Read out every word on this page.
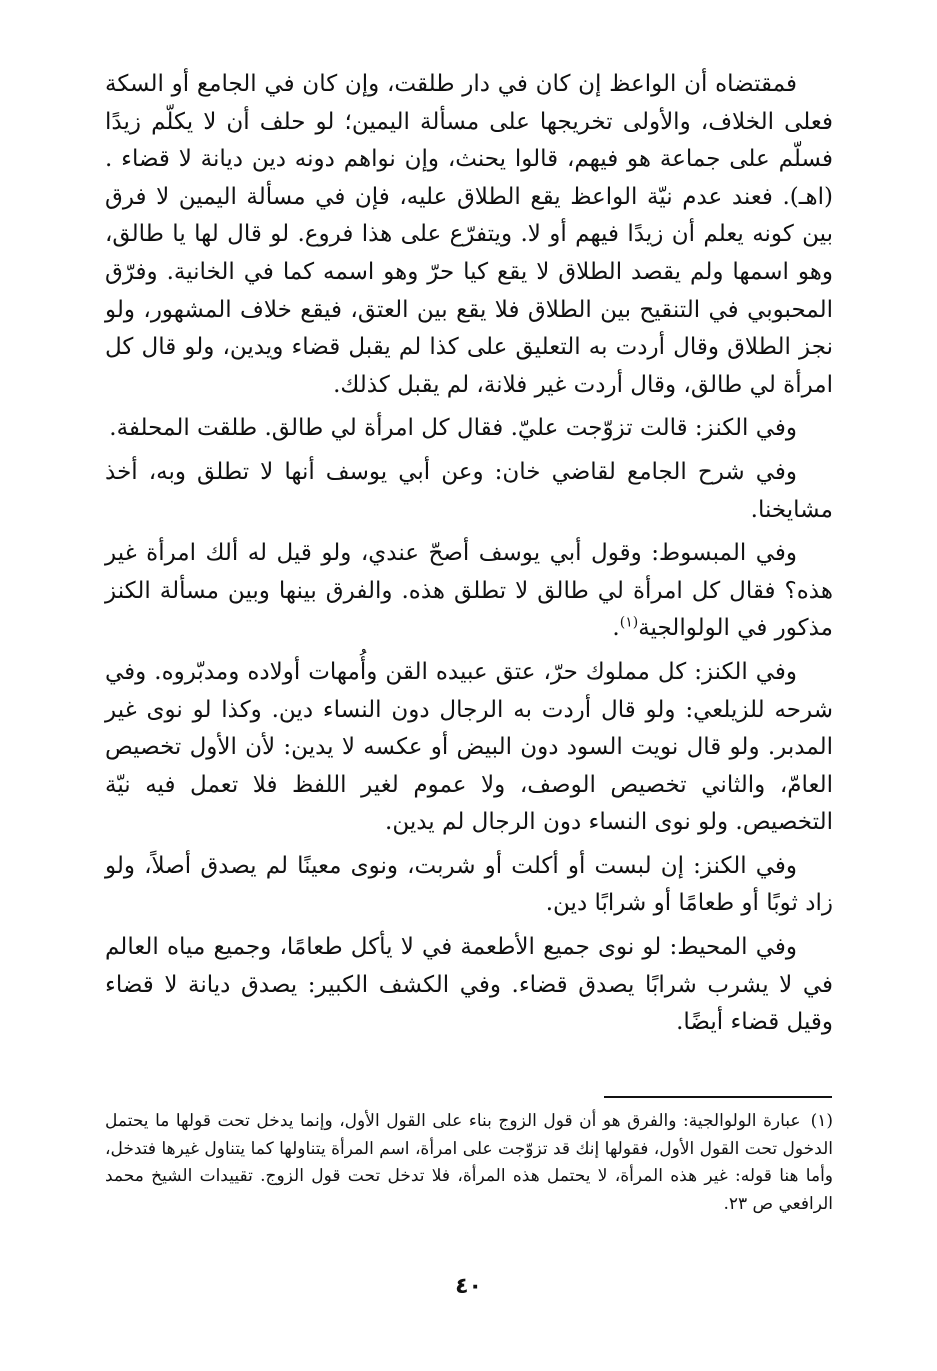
فمقتضاه أن الواعظ إن كان في دار طلقت، وإن كان في الجامع أو السكة فعلى الخلاف، والأولى تخريجها على مسألة اليمين؛ لو حلف أن لا يكلّم زيدًا فسلّم على جماعة هو فيهم، قالوا يحنث، وإن نواهم دونه دين ديانة لا قضاء .(اهـ). فعند عدم نيّة الواعظ يقع الطلاق عليه، فإن في مسألة اليمين لا فرق بين كونه يعلم أن زيدًا فيهم أو لا. ويتفرّع على هذا فروع. لو قال لها يا طالق، وهو اسمها ولم يقصد الطلاق لا يقع كيا حرّ وهو اسمه كما في الخانية. وفرّق المحبوبي في التنقيح بين الطلاق فلا يقع بين العتق، فيقع خلاف المشهور، ولو نجز الطلاق وقال أردت به التعليق على كذا لم يقبل قضاء ويدين، ولو قال كل امرأة لي طالق، وقال أردت غير فلانة، لم يقبل كذلك.

وفي الكنز: قالت تزوّجت عليّ. فقال كل امرأة لي طالق. طلقت المحلفة.

وفي شرح الجامع لقاضي خان: وعن أبي يوسف أنها لا تطلق وبه، أخذ مشايخنا.

وفي المبسوط: وقول أبي يوسف أصحّ عندي، ولو قيل له ألك امرأة غير هذه؟ فقال كل امرأة لي طالق لا تطلق هذه. والفرق بينها وبين مسألة الكنز مذكور في الولوالجية$^{(١)}$.

وفي الكنز: كل مملوك حرّ، عتق عبيده القن وأُمهات أولاده ومدبّروه. وفي شرحه للزيلعي: ولو قال أردت به الرجال دون النساء دين. وكذا لو نوى غير المدبر. ولو قال نويت السود دون البيض أو عكسه لا يدين: لأن الأول تخصيص العامّ، والثاني تخصيص الوصف، ولا عموم لغير اللفظ فلا تعمل فيه نيّة التخصيص. ولو نوى النساء دون الرجال لم يدين.

وفي الكنز: إن لبست أو أكلت أو شربت، ونوى معينًا لم يصدق أصلاً، ولو زاد ثوبًا أو طعامًا أو شرابًا دين.

وفي المحيط: لو نوى جميع الأطعمة في لا يأكل طعامًا، وجميع مياه العالم في لا يشرب شرابًا يصدق قضاء. وفي الكشف الكبير: يصدق ديانة لا قضاء وقيل قضاء أيضًا.

(١)عبارة الولوالجية: والفرق هو أن قول الزوج بناء على القول الأول، وإنما يدخل تحت قولها ما يحتمل الدخول تحت القول الأول، فقولها إنك قد تزوّجت على امرأة، اسم المرأة يتناولها كما يتناول غيرها فتدخل، وأما هنا قوله: غير هذه المرأة، لا يحتمل هذه المرأة، فلا تدخل تحت قول الزوج. تقييدات الشيخ محمد الرافعي ص ٢٣.

٤٠
